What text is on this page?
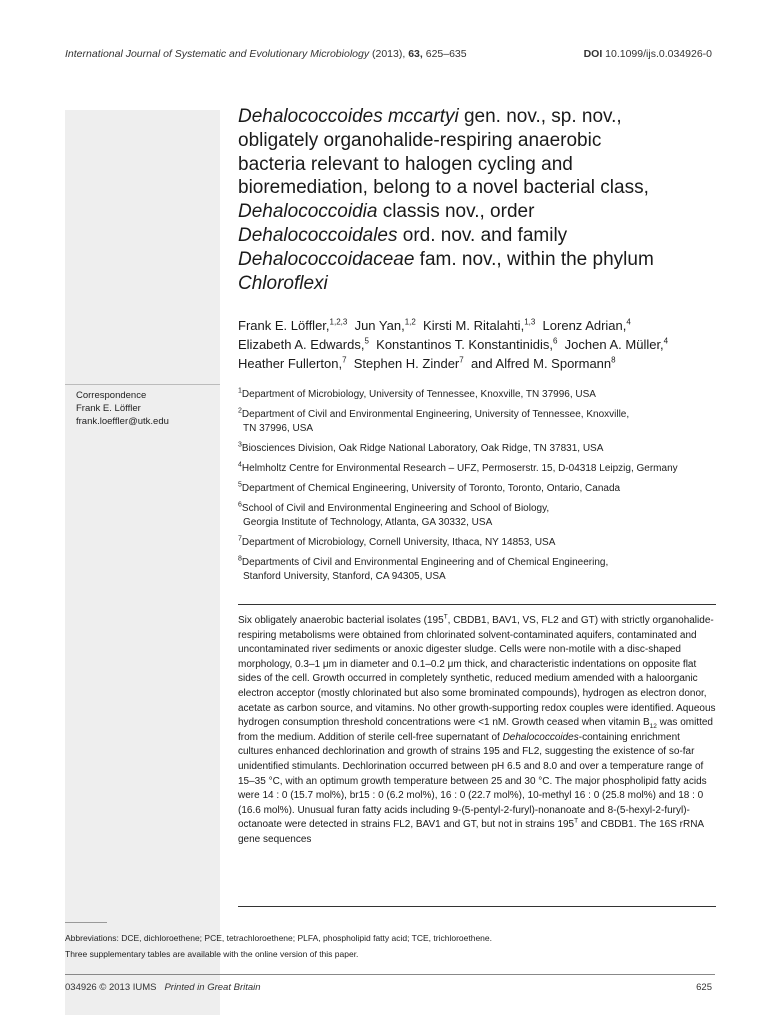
International Journal of Systematic and Evolutionary Microbiology (2013), 63, 625–635	DOI 10.1099/ijs.0.034926-0
Correspondence
Frank E. Löffler
frank.loeffler@utk.edu
Dehalococcoides mccartyi gen. nov., sp. nov.,
obligately organohalide-respiring anaerobic
bacteria relevant to halogen cycling and
bioremediation, belong to a novel bacterial class,
Dehalococcoidia classis nov., order
Dehalococcoidales ord. nov. and family
Dehalococcoidaceae fam. nov., within the phylum
Chloroflexi
Frank E. Löffler,$^{1,2,3}$ Jun Yan,$^{1,2}$ Kirsti M. Ritalahti,$^{1,3}$ Lorenz Adrian,$^4$
Elizabeth A. Edwards,$^5$ Konstantinos T. Konstantinidis,$^6$ Jochen A. Müller,$^4$
Heather Fullerton,$^7$ Stephen H. Zinder$^7$ and Alfred M. Spormann$^8$
$^1$Department of Microbiology, University of Tennessee, Knoxville, TN 37996, USA
$^2$Department of Civil and Environmental Engineering, University of Tennessee, Knoxville,
TN 37996, USA
$^3$Biosciences Division, Oak Ridge National Laboratory, Oak Ridge, TN 37831, USA
$^4$Helmholtz Centre for Environmental Research – UFZ, Permoserstr. 15, D-04318 Leipzig, Germany
$^5$Department of Chemical Engineering, University of Toronto, Toronto, Ontario, Canada
$^6$School of Civil and Environmental Engineering and School of Biology,
Georgia Institute of Technology, Atlanta, GA 30332, USA
$^7$Department of Microbiology, Cornell University, Ithaca, NY 14853, USA
$^8$Departments of Civil and Environmental Engineering and of Chemical Engineering,
Stanford University, Stanford, CA 94305, USA
Six obligately anaerobic bacterial isolates ($195^T$, CBDB1, BAV1, VS, FL2 and GT) with strictly organohalide-respiring metabolisms were obtained from chlorinated solvent-contaminated aquifers, contaminated and uncontaminated river sediments or anoxic digester sludge. Cells were non-motile with a disc-shaped morphology, 0.3–1 μm in diameter and 0.1–0.2 μm thick, and characteristic indentations on opposite flat sides of the cell. Growth occurred in completely synthetic, reduced medium amended with a haloorganic electron acceptor (mostly chlorinated but also some brominated compounds), hydrogen as electron donor, acetate as carbon source, and vitamins. No other growth-supporting redox couples were identified. Aqueous hydrogen consumption threshold concentrations were <1 nM. Growth ceased when vitamin $B_{12}$ was omitted from the medium. Addition of sterile cell-free supernatant of Dehalococcoides-containing enrichment cultures enhanced dechlorination and growth of strains 195 and FL2, suggesting the existence of so-far unidentified stimulants. Dechlorination occurred between pH 6.5 and 8.0 and over a temperature range of 15–35 °C, with an optimum growth temperature between 25 and 30 °C. The major phospholipid fatty acids were 14 : 0 (15.7 mol%), br15 : 0 (6.2 mol%), 16 : 0 (22.7 mol%), 10-methyl 16 : 0 (25.8 mol%) and 18 : 0 (16.6 mol%). Unusual furan fatty acids including 9-(5-pentyl-2-furyl)-nonanoate and 8-(5-hexyl-2-furyl)-octanoate were detected in strains FL2, BAV1 and GT, but not in strains $195^T$ and CBDB1. The 16S rRNA gene sequences
Abbreviations: DCE, dichloroethene; PCE, tetrachloroethene; PLFA, phospholipid fatty acid; TCE, trichloroethene.
Three supplementary tables are available with the online version of this paper.
034926 © 2013 IUMS Printed in Great Britain	625
